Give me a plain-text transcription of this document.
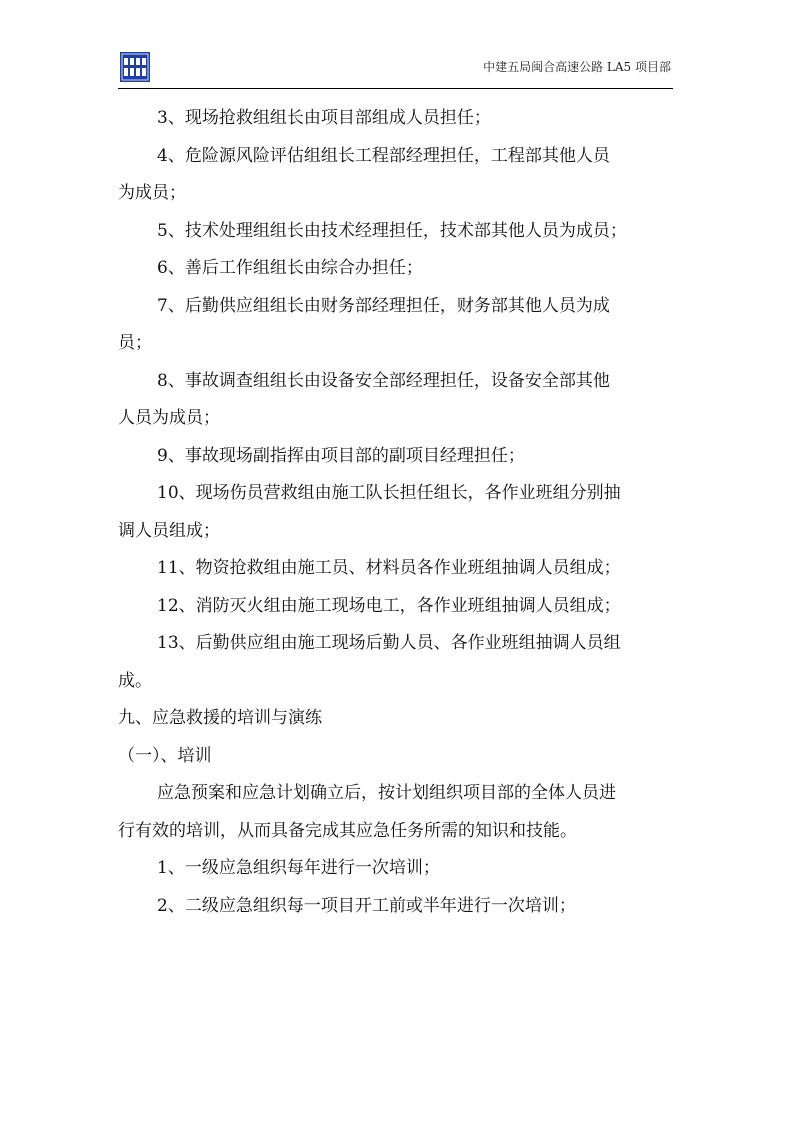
中建五局闽合高速公路 LA5 项目部

3、现场抢救组组长由项目部组成人员担任；

4、危险源风险评估组组长工程部经理担任，工程部其他人员

为成员；

5、技术处理组组长由技术经理担任，技术部其他人员为成员；

6、善后工作组组长由综合办担任；

7、后勤供应组组长由财务部经理担任，财务部其他人员为成

员；

8、事故调查组组长由设备安全部经理担任，设备安全部其他

人员为成员；

9、事故现场副指挥由项目部的副项目经理担任；

10、现场伤员营救组由施工队长担任组长，各作业班组分别抽

调人员组成；

11、物资抢救组由施工员、材料员各作业班组抽调人员组成；

12、消防灭火组由施工现场电工，各作业班组抽调人员组成；

13、后勤供应组由施工现场后勤人员、各作业班组抽调人员组

成。

九、应急救援的培训与演练

（一）、培训

应急预案和应急计划确立后，按计划组织项目部的全体人员进

行有效的培训，从而具备完成其应急任务所需的知识和技能。

1、一级应急组织每年进行一次培训；

2、二级应急组织每一项目开工前或半年进行一次培训；
